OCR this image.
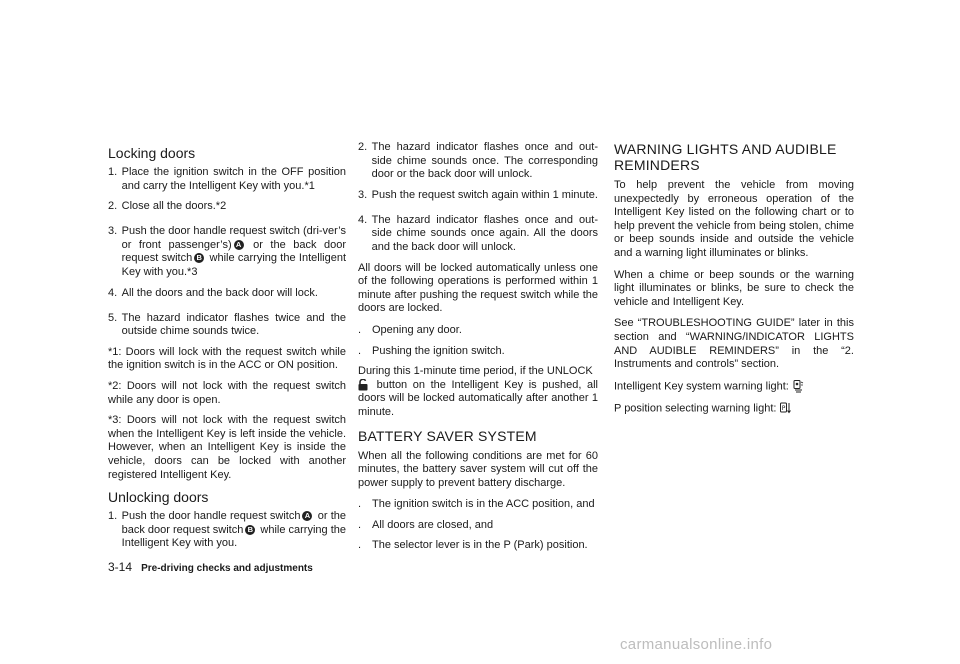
Locking doors
1.
Place the ignition switch in the OFF position and carry the Intelligent Key with you.*1
2.
Close all the doors.*2
3.
Push the door handle request switch (dri-ver’s or front passenger’s) A or the back door request switch B while carrying the Intelligent Key with you.*3
4.
All the doors and the back door will lock.
5.
The hazard indicator flashes twice and the outside chime sounds twice.
*1: Doors will lock with the request switch while the ignition switch is in the ACC or ON position.
*2: Doors will not lock with the request switch while any door is open.
*3: Doors will not lock with the request switch when the Intelligent Key is left inside the vehicle. However, when an Intelligent Key is inside the vehicle, doors can be locked with another registered Intelligent Key.
Unlocking doors
1.
Push the door handle request switch A or the back door request switch B while carrying the Intelligent Key with you.
2.
The hazard indicator flashes once and out-side chime sounds once. The corresponding door or the back door will unlock.
3.
Push the request switch again within 1 minute.
4.
The hazard indicator flashes once and out-side chime sounds once again. All the doors and the back door will unlock.

All doors will be locked automatically unless one of the following operations is performed within 1 minute after pushing the request switch while the doors are locked.

. Opening any door.
. Pushing the ignition switch.

During this 1-minute time period, if the UNLOCK
button on the Intelligent Key is pushed, all doors will be locked automatically after another 1 minute.

BATTERY SAVER SYSTEM

When all the following conditions are met for 60 minutes, the battery saver system will cut off the power supply to prevent battery discharge.

. The ignition switch is in the ACC position, and
. All doors are closed, and
. The selector lever is in the P (Park) position.
WARNING LIGHTS AND AUDIBLE REMINDERS

To help prevent the vehicle from moving unexpectedly by erroneous operation of the Intelligent Key listed on the following chart or to help prevent the vehicle from being stolen, chime or beep sounds inside and outside the vehicle and a warning light illuminates or blinks.

When a chime or beep sounds or the warning light illuminates or blinks, be sure to check the vehicle and Intelligent Key.

See “TROUBLESHOOTING GUIDE” later in this section and “WARNING/INDICATOR LIGHTS AND AUDIBLE REMINDERS” in the “2. Instruments and controls” section.

Intelligent Key system warning light:

P position selecting warning light: P

3-14 Pre-driving checks and adjustments
carmanualsonline.info
